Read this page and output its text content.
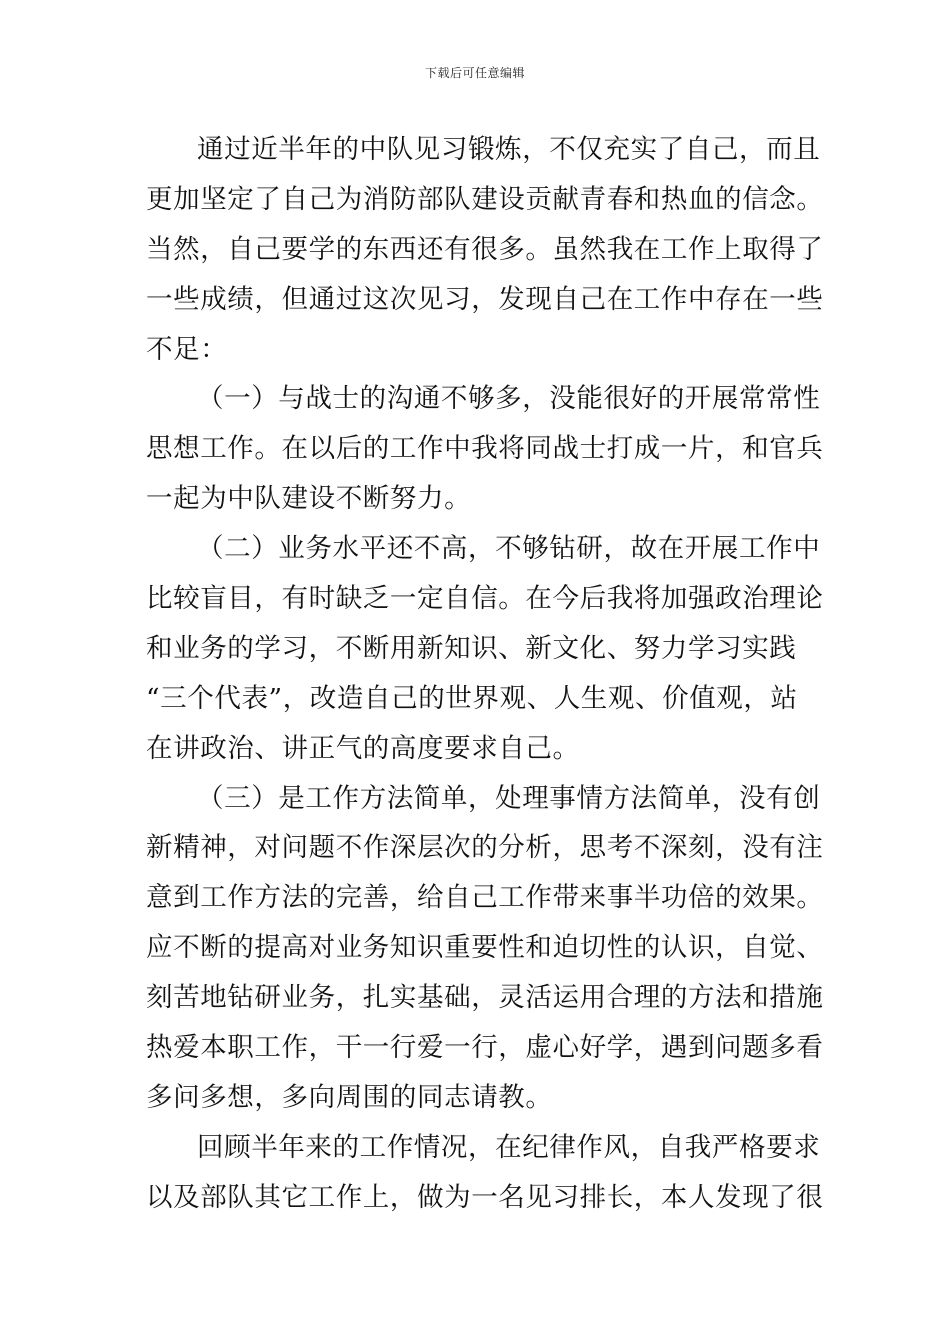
下载后可任意编辑
通过近半年的中队见习锻炼，不仅充实了自己，而且
更加坚定了自己为消防部队建设贡献青春和热血的信念。
当然，自己要学的东西还有很多。虽然我在工作上取得了
一些成绩，但通过这次见习，发现自己在工作中存在一些
不足：
（一）与战士的沟通不够多，没能很好的开展常常性
思想工作。在以后的工作中我将同战士打成一片，和官兵
一起为中队建设不断努力。
（二）业务水平还不高，不够钻研，故在开展工作中
比较盲目，有时缺乏一定自信。在今后我将加强政治理论
和业务的学习，不断用新知识、新文化、努力学习实践
“三个代表”，改造自己的世界观、人生观、价值观，站
在讲政治、讲正气的高度要求自己。
（三）是工作方法简单，处理事情方法简单，没有创
新精神，对问题不作深层次的分析，思考不深刻，没有注
意到工作方法的完善，给自己工作带来事半功倍的效果。
应不断的提高对业务知识重要性和迫切性的认识，自觉、
刻苦地钻研业务，扎实基础，灵活运用合理的方法和措施
热爱本职工作，干一行爱一行，虚心好学，遇到问题多看
多问多想，多向周围的同志请教。
回顾半年来的工作情况，在纪律作风，自我严格要求
以及部队其它工作上，做为一名见习排长，本人发现了很
